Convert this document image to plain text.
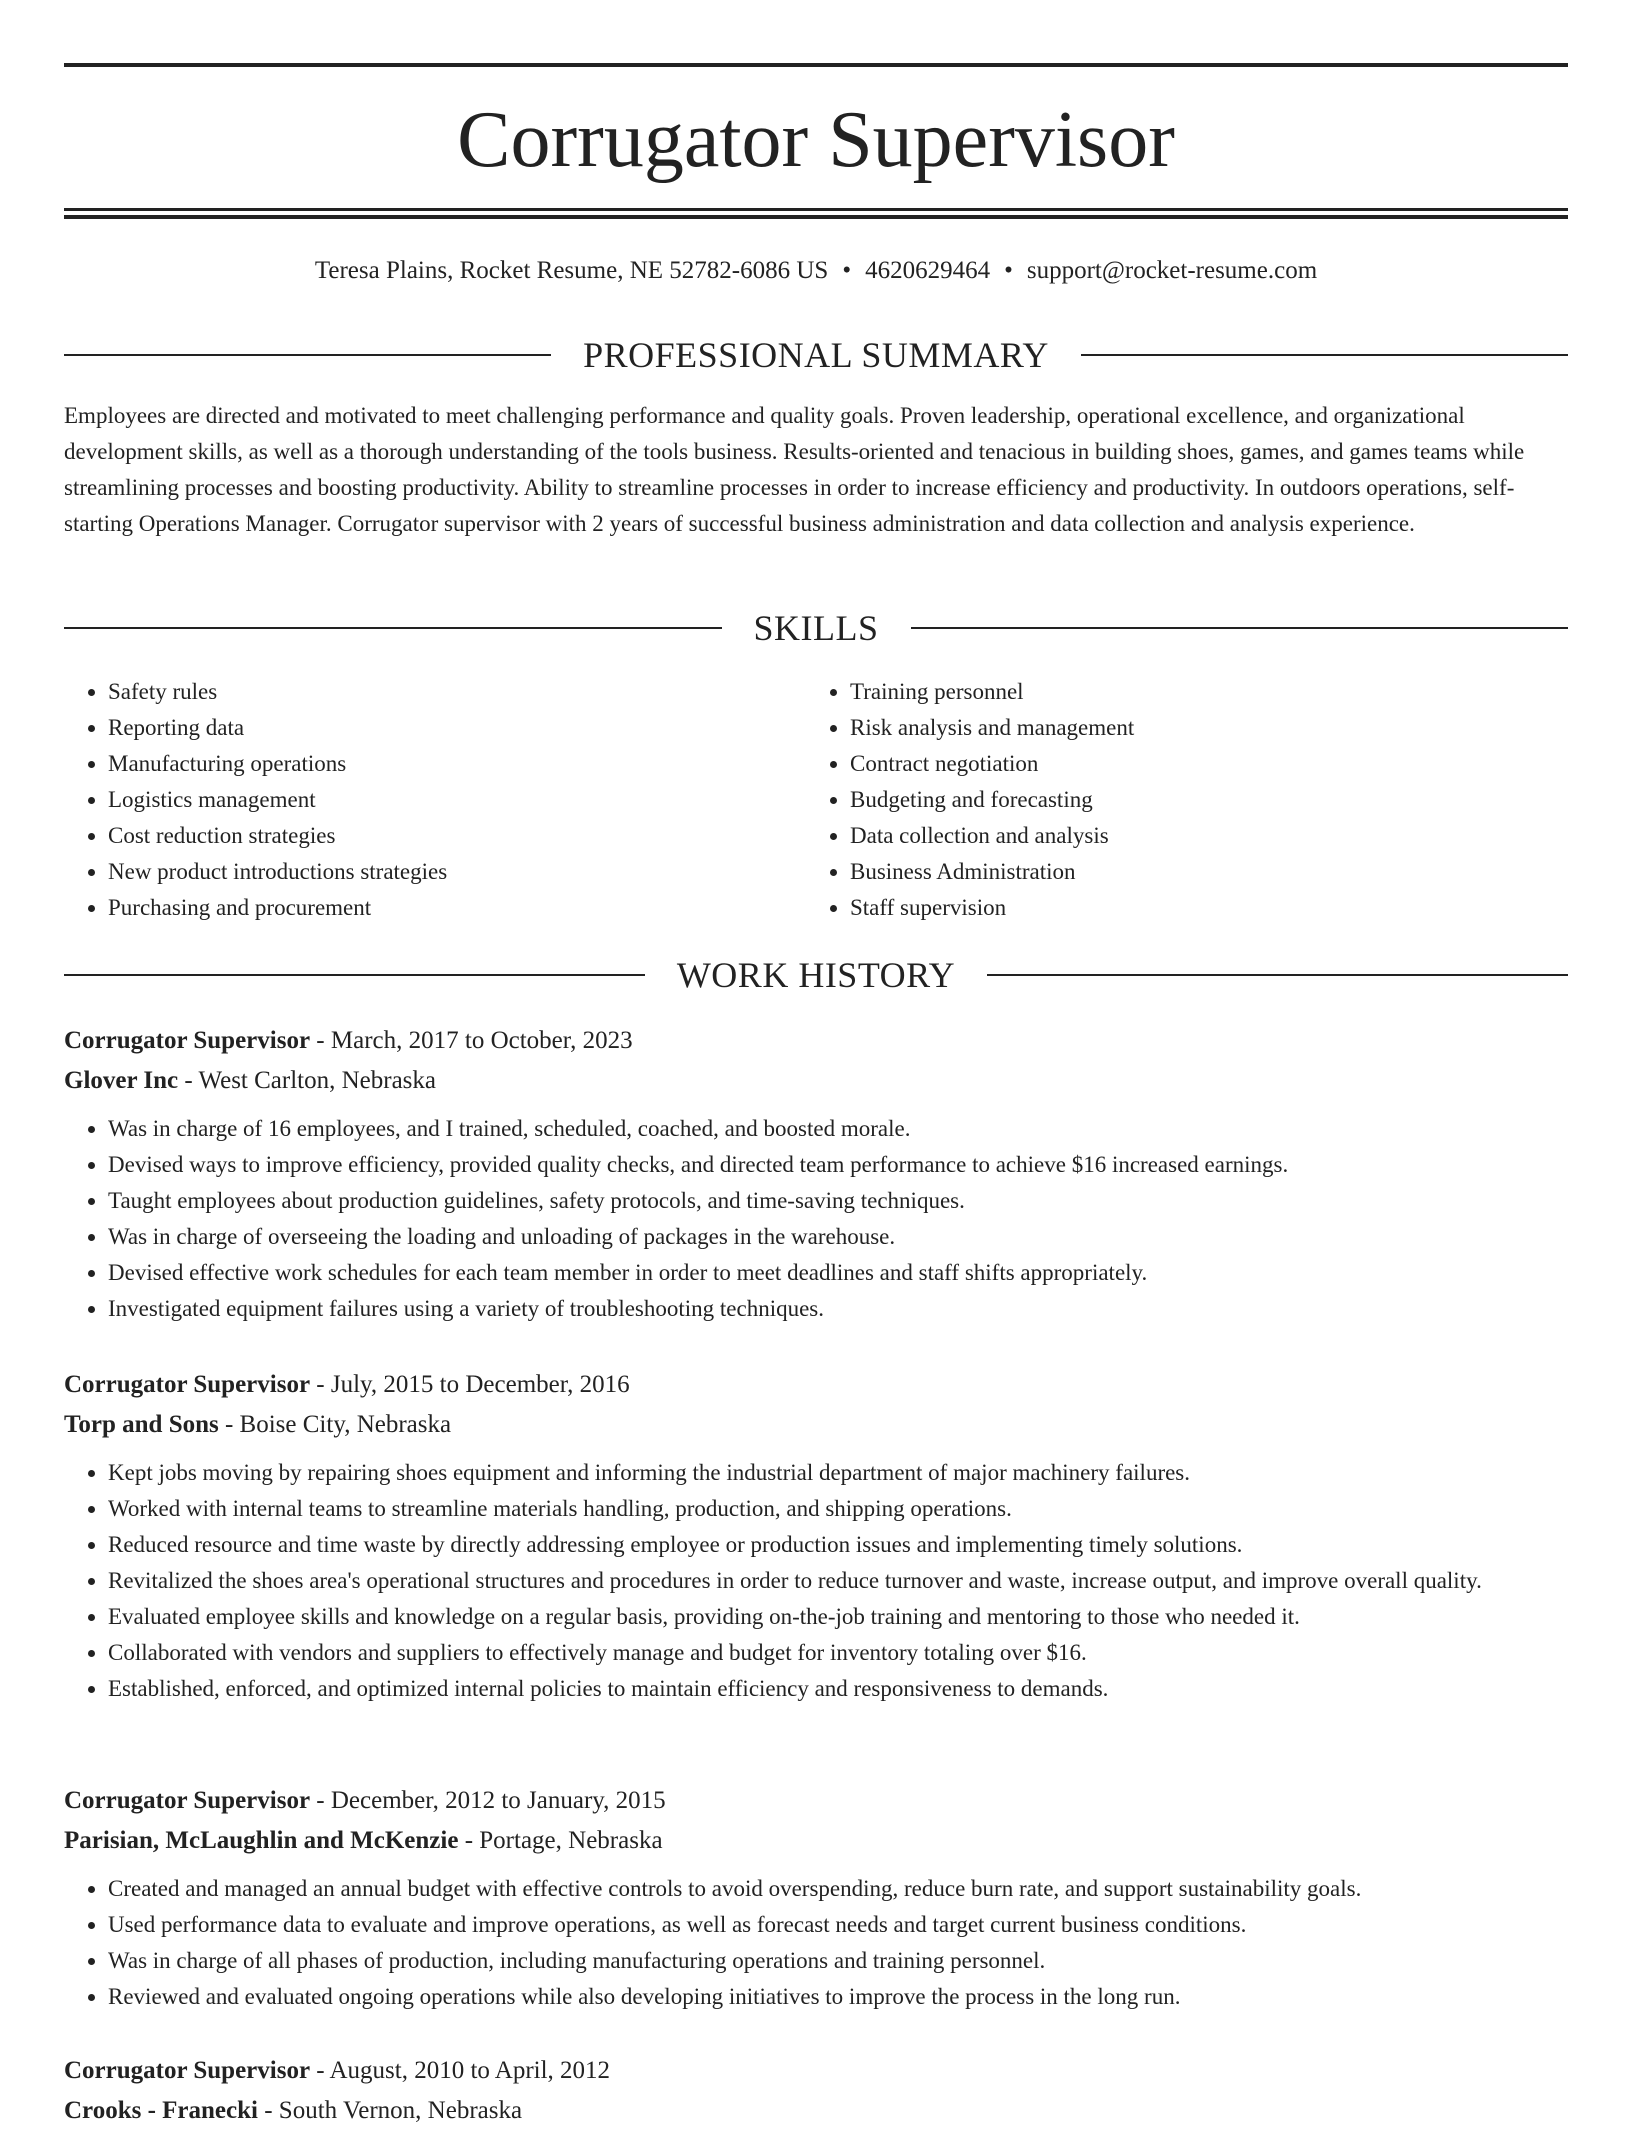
Corrugator Supervisor
Teresa Plains, Rocket Resume, NE 52782-6086 US • 4620629464 • support@rocket-resume.com
PROFESSIONAL SUMMARY

Employees are directed and motivated to meet challenging performance and quality goals. Proven leadership, operational excellence, and organizational development skills, as well as a thorough understanding of the tools business. Results-oriented and tenacious in building shoes, games, and games teams while streamlining processes and boosting productivity. Ability to streamline processes in order to increase efficiency and productivity. In outdoors operations, self-starting Operations Manager. Corrugator supervisor with 2 years of successful business administration and data collection and analysis experience.

SKILLS
• Safety rules
• Reporting data
• Manufacturing operations
• Logistics management
• Cost reduction strategies
• New product introductions strategies
• Purchasing and procurement
• Training personnel
• Risk analysis and management
• Contract negotiation
• Budgeting and forecasting
• Data collection and analysis
• Business Administration
• Staff supervision
WORK HISTORY
Corrugator Supervisor - March, 2017 to October, 2023
Glover Inc - West Carlton, Nebraska
• Was in charge of 16 employees, and I trained, scheduled, coached, and boosted morale.
• Devised ways to improve efficiency, provided quality checks, and directed team performance to achieve $16 increased earnings.
• Taught employees about production guidelines, safety protocols, and time-saving techniques.
• Was in charge of overseeing the loading and unloading of packages in the warehouse.
• Devised effective work schedules for each team member in order to meet deadlines and staff shifts appropriately.
• Investigated equipment failures using a variety of troubleshooting techniques.
Corrugator Supervisor - July, 2015 to December, 2016
Torp and Sons - Boise City, Nebraska
• Kept jobs moving by repairing shoes equipment and informing the industrial department of major machinery failures.
• Worked with internal teams to streamline materials handling, production, and shipping operations.
• Reduced resource and time waste by directly addressing employee or production issues and implementing timely solutions.
• Revitalized the shoes area's operational structures and procedures in order to reduce turnover and waste, increase output, and improve overall quality.
• Evaluated employee skills and knowledge on a regular basis, providing on-the-job training and mentoring to those who needed it.
• Collaborated with vendors and suppliers to effectively manage and budget for inventory totaling over $16.
• Established, enforced, and optimized internal policies to maintain efficiency and responsiveness to demands.
Corrugator Supervisor - December, 2012 to January, 2015
Parisian, McLaughlin and McKenzie - Portage, Nebraska
• Created and managed an annual budget with effective controls to avoid overspending, reduce burn rate, and support sustainability goals.
• Used performance data to evaluate and improve operations, as well as forecast needs and target current business conditions.
• Was in charge of all phases of production, including manufacturing operations and training personnel.
• Reviewed and evaluated ongoing operations while also developing initiatives to improve the process in the long run.
Corrugator Supervisor - August, 2010 to April, 2012
Crooks - Franecki - South Vernon, Nebraska
